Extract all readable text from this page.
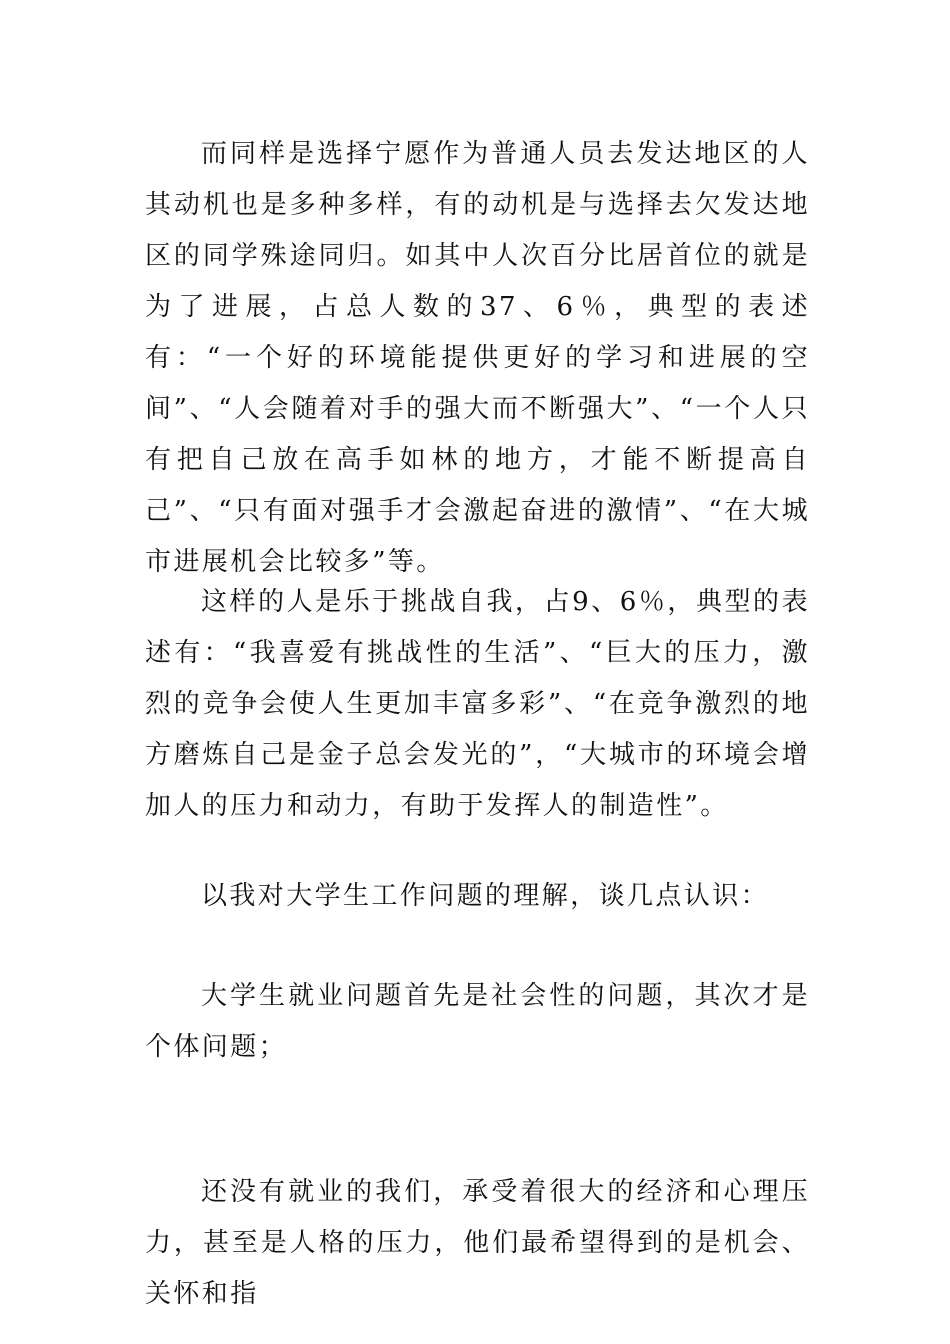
而同样是选择宁愿作为普通人员去发达地区的人其动机也是多种多样，有的动机是与选择去欠发达地区的同学殊途同归。如其中人次百分比居首位的就是为了进展，占总人数的37、6％，典型的表述有：“一个好的环境能提供更好的学习和进展的空间”、“人会随着对手的强大而不断强大”、“一个人只有把自己放在高手如林的地方，才能不断提高自己”、“只有面对强手才会激起奋进的激情”、“在大城市进展机会比较多”等。

这样的人是乐于挑战自我，占9、6％，典型的表述有：“我喜爱有挑战性的生活”、“巨大的压力，激烈的竞争会使人生更加丰富多彩”、“在竞争激烈的地方磨炼自己是金子总会发光的”，“大城市的环境会增加人的压力和动力，有助于发挥人的制造性”。

以我对大学生工作问题的理解，谈几点认识：

大学生就业问题首先是社会性的问题，其次才是个体问题；

还没有就业的我们，承受着很大的经济和心理压力，甚至是人格的压力，他们最希望得到的是机会、关怀和指
